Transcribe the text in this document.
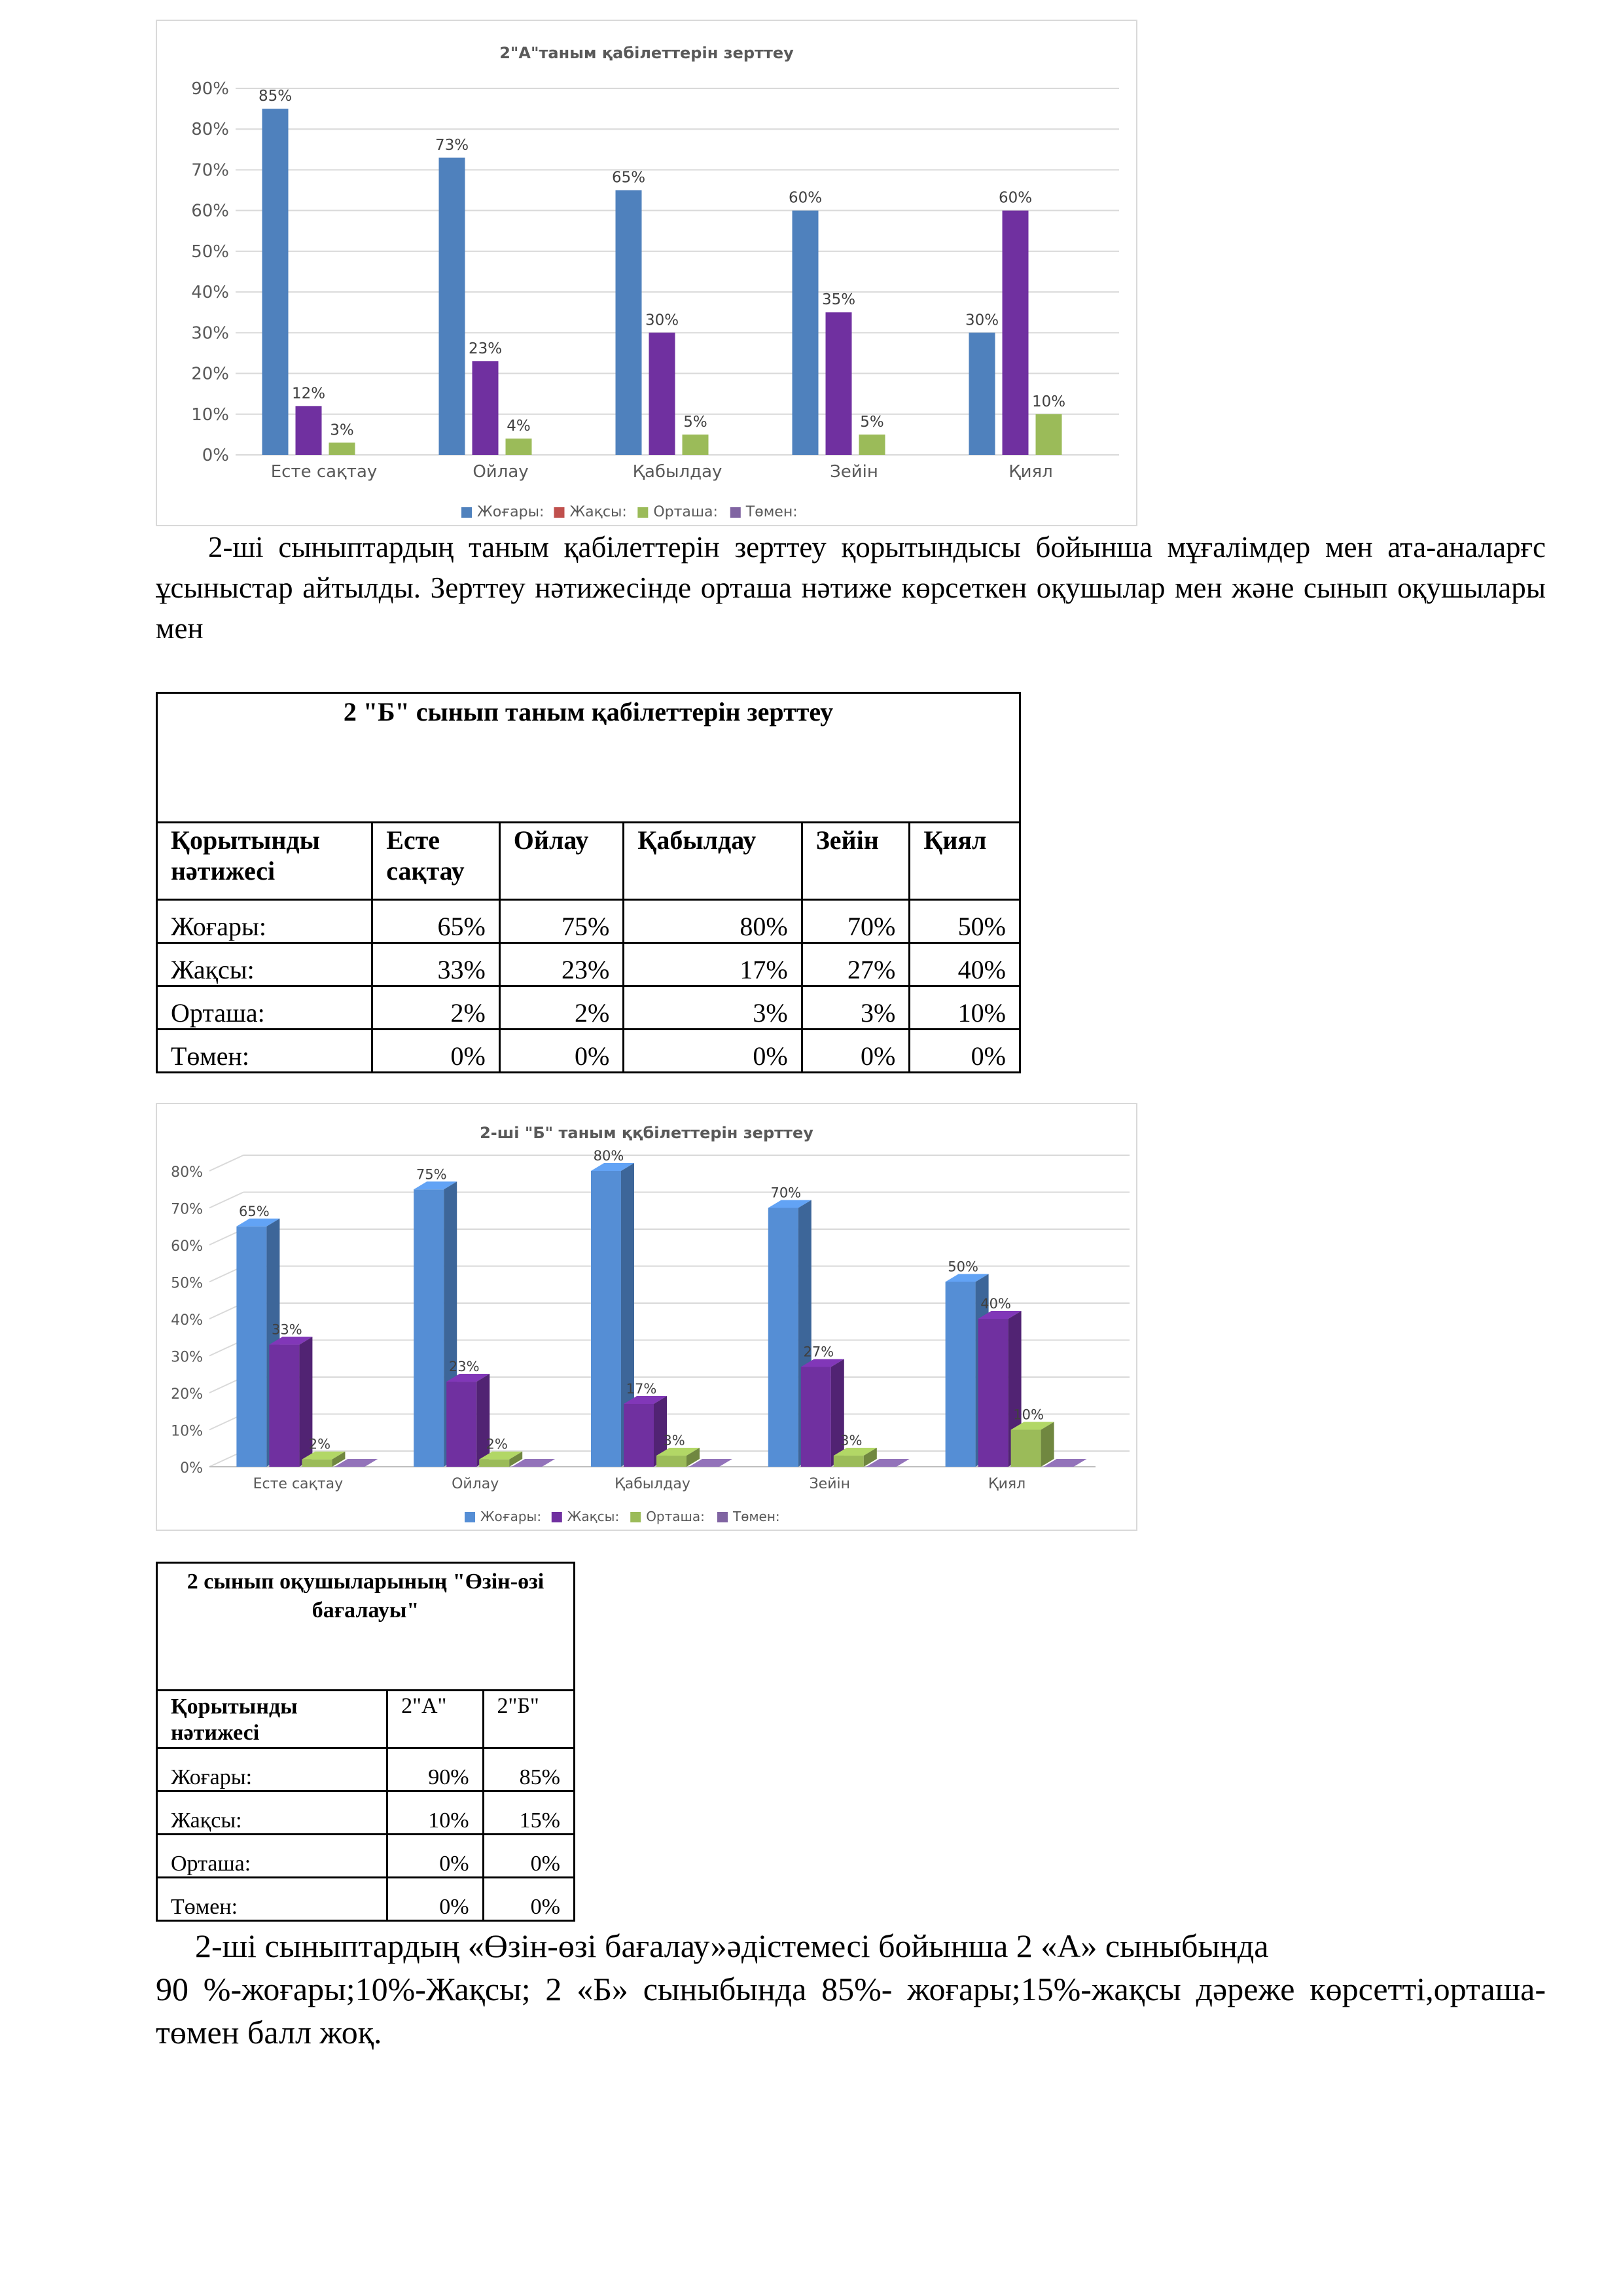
2"А"таным қабілеттерін зерттеу
0%
10%
20%
30%
40%
50%
60%
70%
80%
90%
Есте сақтау
85%
12%
3%
Ойлау
73%
23%
4%
Қабылдау
65%
30%
5%
Зейін
60%
35%
5%
Қиял
30%
60%
10%
Жоғары: Жақсы: Орташа: Төмен:
2-ші сыныптардың таным қабілеттерін зерттеу қорытындысы бойынша мұғалімдер мен ата-аналарғс ұсыныстар айтылды. Зерттеу нәтижесінде орташа нәтиже көрсеткен оқушылар мен және сынып оқушылары мен
2 "Б" сынып таным қабілеттерін зерттеу					
Қорытынды нәтижесі	Есте сақтау	Ойлау	Қабылдау	Зейін	Қиял
Жоғары:	65%	75%	80%	70%	50%
Жақсы:	33%	23%	17%	27%	40%
Орташа:	2%	2%	3%	3%	10%
Төмен:	0%	0%	0%	0%	0%
2-ші "Б" таным ққбілеттерін зерттеу
0%
10%
20%
30%
40%
50%
60%
70%
80%
Есте сақтау
65%
33%
2%
Ойлау
75%
23%
2%
Қабылдау
80%
17%
3%
Зейін
70%
27%
3%
Қиял
50%
40%
10%
Жоғары: Жақсы: Орташа: Төмен:
2 сынып оқушыларының "Өзін-өзі бағалауы"		
Қорытынды нәтижесі	2"А"	2"Б"
Жоғары:	90%	85%
Жақсы:	10%	15%
Орташа:	0%	0%
Төмен:	0%	0%
2-ші сыныптардың «Өзін-өзі бағалау»әдістемесі бойынша 2 «А» сыныбында
90 %-жоғары;10%-Жақсы; 2 «Б» сыныбында 85%- жоғары;15%-жақсы дәреже көрсетті,орташа-төмен балл жоқ.
